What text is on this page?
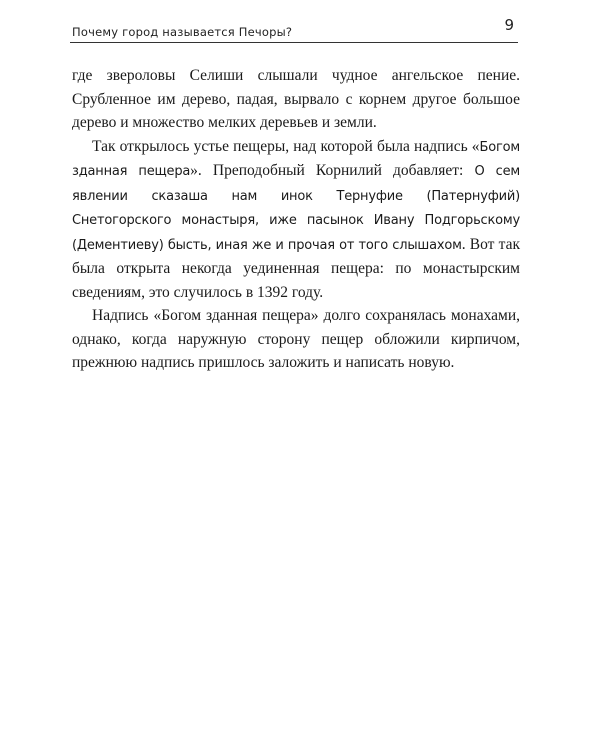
Почему город называется Печоры?	9

где звероловы Селиши слышали чудное ангельское пение. Срубленное им дерево, падая, вырвало с корнем другое большое дерево и множество мелких деревьев и земли.

Так открылось устье пещеры, над которой была надпись «Богом зданная пещера». Преподобный Корнилий добавляет: О сем явлении сказаша нам инок Тернуфие (Патернуфий) Снетогорского монастыря, иже пасынок Ивану Подгорьскому (Дементиеву) бысть, иная же и прочая от того слышахом. Вот так была открыта некогда уединенная пещера: по монастырским сведениям, это случилось в 1392 году.

Надпись «Богом зданная пещера» долго сохранялась монахами, однако, когда наружную сторону пещер обложили кирпичом, прежнюю надпись пришлось заложить и написать новую.
